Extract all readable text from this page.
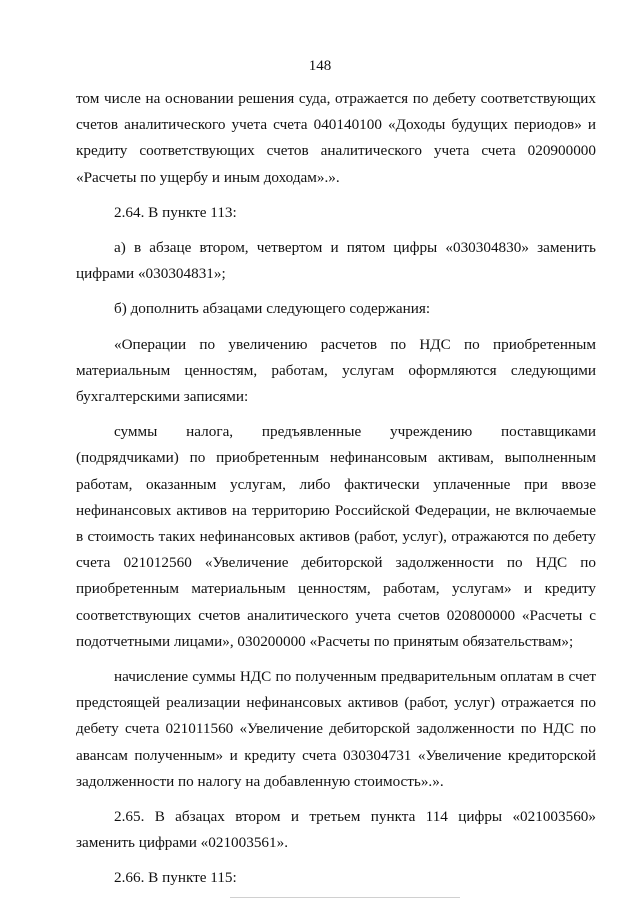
148

том числе на основании решения суда, отражается по дебету соответствующих счетов аналитического учета счета 040140100 «Доходы будущих периодов» и кредиту соответствующих счетов аналитического учета счета 020900000 «Расчеты по ущербу и иным доходам».».

2.64. В пункте 113:

а) в абзаце втором, четвертом и пятом цифры «030304830» заменить цифрами «030304831»;

б) дополнить абзацами следующего содержания:

«Операции по увеличению расчетов по НДС по приобретенным материальным ценностям, работам, услугам оформляются следующими бухгалтерскими записями:

суммы налога, предъявленные учреждению поставщиками (подрядчиками) по приобретенным нефинансовым активам, выполненным работам, оказанным услугам, либо фактически уплаченные при ввозе нефинансовых активов на территорию Российской Федерации, не включаемые в стоимость таких нефинансовых активов (работ, услуг), отражаются по дебету счета 021012560 «Увеличение дебиторской задолженности по НДС по приобретенным материальным ценностям, работам, услугам» и кредиту соответствующих счетов аналитического учета счетов 020800000 «Расчеты с подотчетными лицами», 030200000 «Расчеты по принятым обязательствам»;

начисление суммы НДС по полученным предварительным оплатам в счет предстоящей реализации нефинансовых активов (работ, услуг) отражается по дебету счета 021011560 «Увеличение дебиторской задолженности по НДС по авансам полученным» и кредиту счета 030304731 «Увеличение кредиторской задолженности по налогу на добавленную стоимость».».

2.65. В абзацах втором и третьем пункта 114 цифры «021003560» заменить цифрами «021003561».

2.66. В пункте 115:
